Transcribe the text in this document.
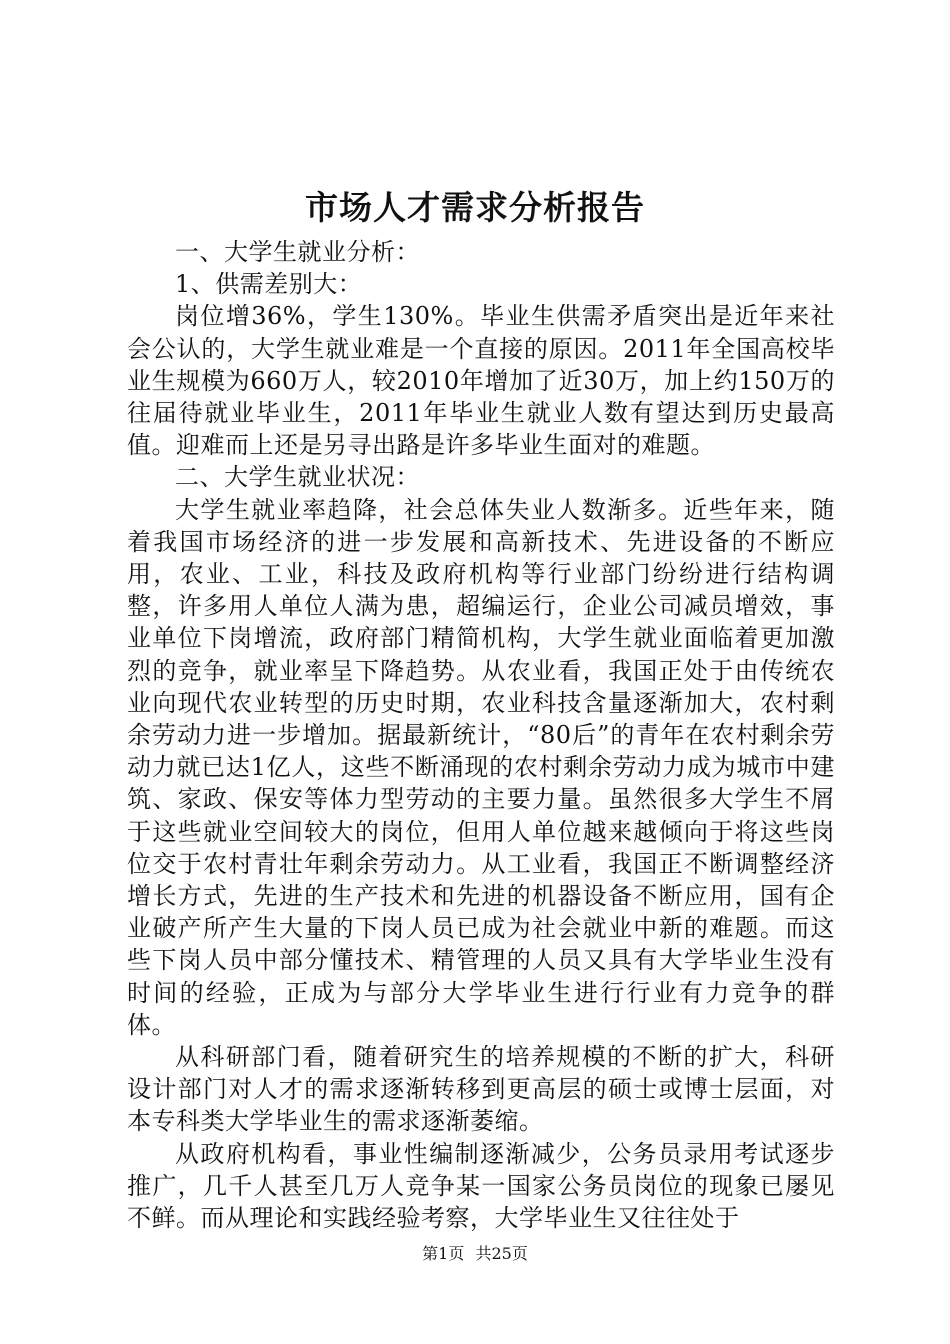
市场人才需求分析报告

一、大学生就业分析：

1、供需差别大：

岗位增36%，学生130%。毕业生供需矛盾突出是近年来社会公认的，大学生就业难是一个直接的原因。2011年全国高校毕业生规模为660万人，较2010年增加了近30万，加上约150万的往届待就业毕业生，2011年毕业生就业人数有望达到历史最高值。迎难而上还是另寻出路是许多毕业生面对的难题。

二、大学生就业状况：

大学生就业率趋降，社会总体失业人数渐多。近些年来，随着我国市场经济的进一步发展和高新技术、先进设备的不断应用，农业、工业，科技及政府机构等行业部门纷纷进行结构调整，许多用人单位人满为患，超编运行，企业公司减员增效，事业单位下岗增流，政府部门精简机构，大学生就业面临着更加激烈的竞争，就业率呈下降趋势。从农业看，我国正处于由传统农业向现代农业转型的历史时期，农业科技含量逐渐加大，农村剩余劳动力进一步增加。据最新统计，“80后”的青年在农村剩余劳动力就已达1亿人，这些不断涌现的农村剩余劳动力成为城市中建筑、家政、保安等体力型劳动的主要力量。虽然很多大学生不屑于这些就业空间较大的岗位，但用人单位越来越倾向于将这些岗位交于农村青壮年剩余劳动力。从工业看，我国正不断调整经济增长方式，先进的生产技术和先进的机器设备不断应用，国有企业破产所产生大量的下岗人员已成为社会就业中新的难题。而这些下岗人员中部分懂技术、精管理的人员又具有大学毕业生没有时间的经验，正成为与部分大学毕业生进行行业有力竞争的群体。

从科研部门看，随着研究生的培养规模的不断的扩大，科研设计部门对人才的需求逐渐转移到更高层的硕士或博士层面，对本专科类大学毕业生的需求逐渐萎缩。

从政府机构看，事业性编制逐渐减少，公务员录用考试逐步推广，几千人甚至几万人竞争某一国家公务员岗位的现象已屡见不鲜。而从理论和实践经验考察，大学毕业生又往往处于

第1页 共25页
